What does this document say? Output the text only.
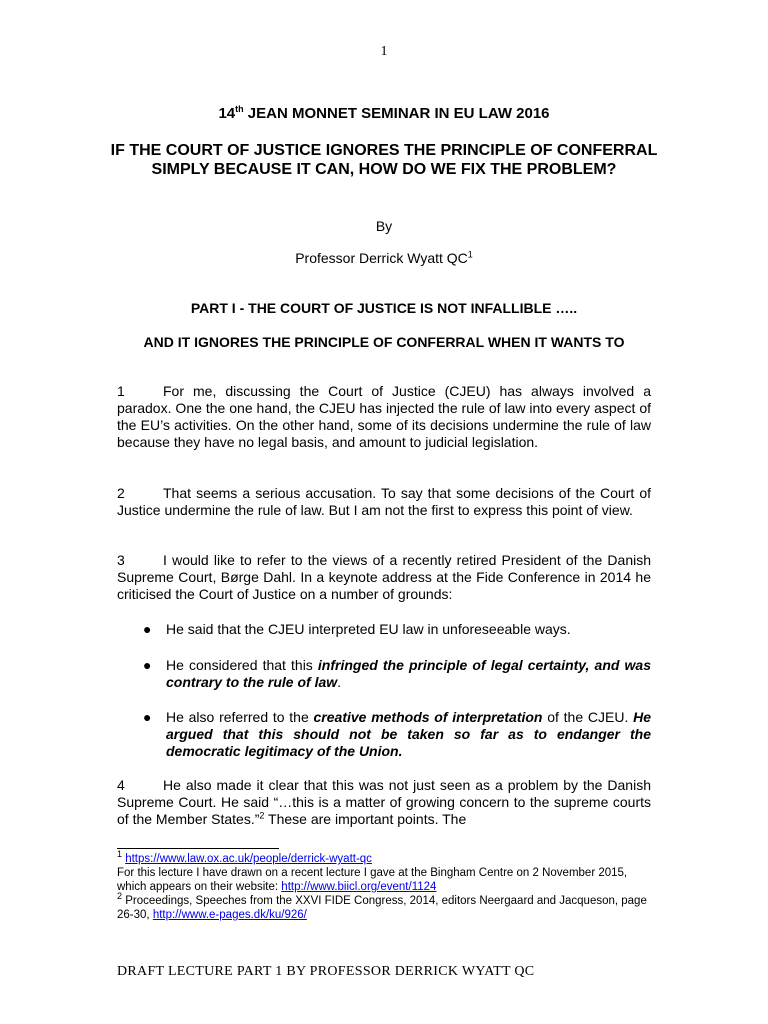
1
14th JEAN MONNET SEMINAR IN EU LAW 2016
IF THE COURT OF JUSTICE IGNORES THE PRINCIPLE OF CONFERRAL SIMPLY BECAUSE IT CAN, HOW DO WE FIX THE PROBLEM?
By
Professor Derrick Wyatt $QC^1$
PART I - THE COURT OF JUSTICE IS NOT INFALLIBLE …..
AND IT IGNORES THE PRINCIPLE OF CONFERRAL WHEN IT WANTS TO
1	For me, discussing the Court of Justice (CJEU) has always involved a paradox. One the one hand, the CJEU has injected the rule of law into every aspect of the EU’s activities. On the other hand, some of its decisions undermine the rule of law because they have no legal basis, and amount to judicial legislation.
2	That seems a serious accusation. To say that some decisions of the Court of Justice undermine the rule of law. But I am not the first to express this point of view.
3	I would like to refer to the views of a recently retired President of the Danish Supreme Court, Børge Dahl. In a keynote address at the Fide Conference in 2014 he criticised the Court of Justice on a number of grounds:
● He said that the CJEU interpreted EU law in unforeseeable ways.
● He considered that this infringed the principle of legal certainty, and was contrary to the rule of law.
● He also referred to the creative methods of interpretation of the CJEU. He argued that this should not be taken so far as to endanger the democratic legitimacy of the Union.
4	He also made it clear that this was not just seen as a problem by the Danish Supreme Court. He said “…this is a matter of growing concern to the supreme courts of the Member States.”$^2$ These are important points. The
$^1$ https://www.law.ox.ac.uk/people/derrick-wyatt-qc
For this lecture I have drawn on a recent lecture I gave at the Bingham Centre on 2 November 2015, which appears on their website: http://www.biicl.org/event/1124
$^2$ Proceedings, Speeches from the XXVI FIDE Congress, 2014, editors Neergaard and Jacqueson, page 26-30, http://www.e-pages.dk/ku/926/
DRAFT LECTURE PART 1 BY PROFESSOR DERRICK WYATT QC
